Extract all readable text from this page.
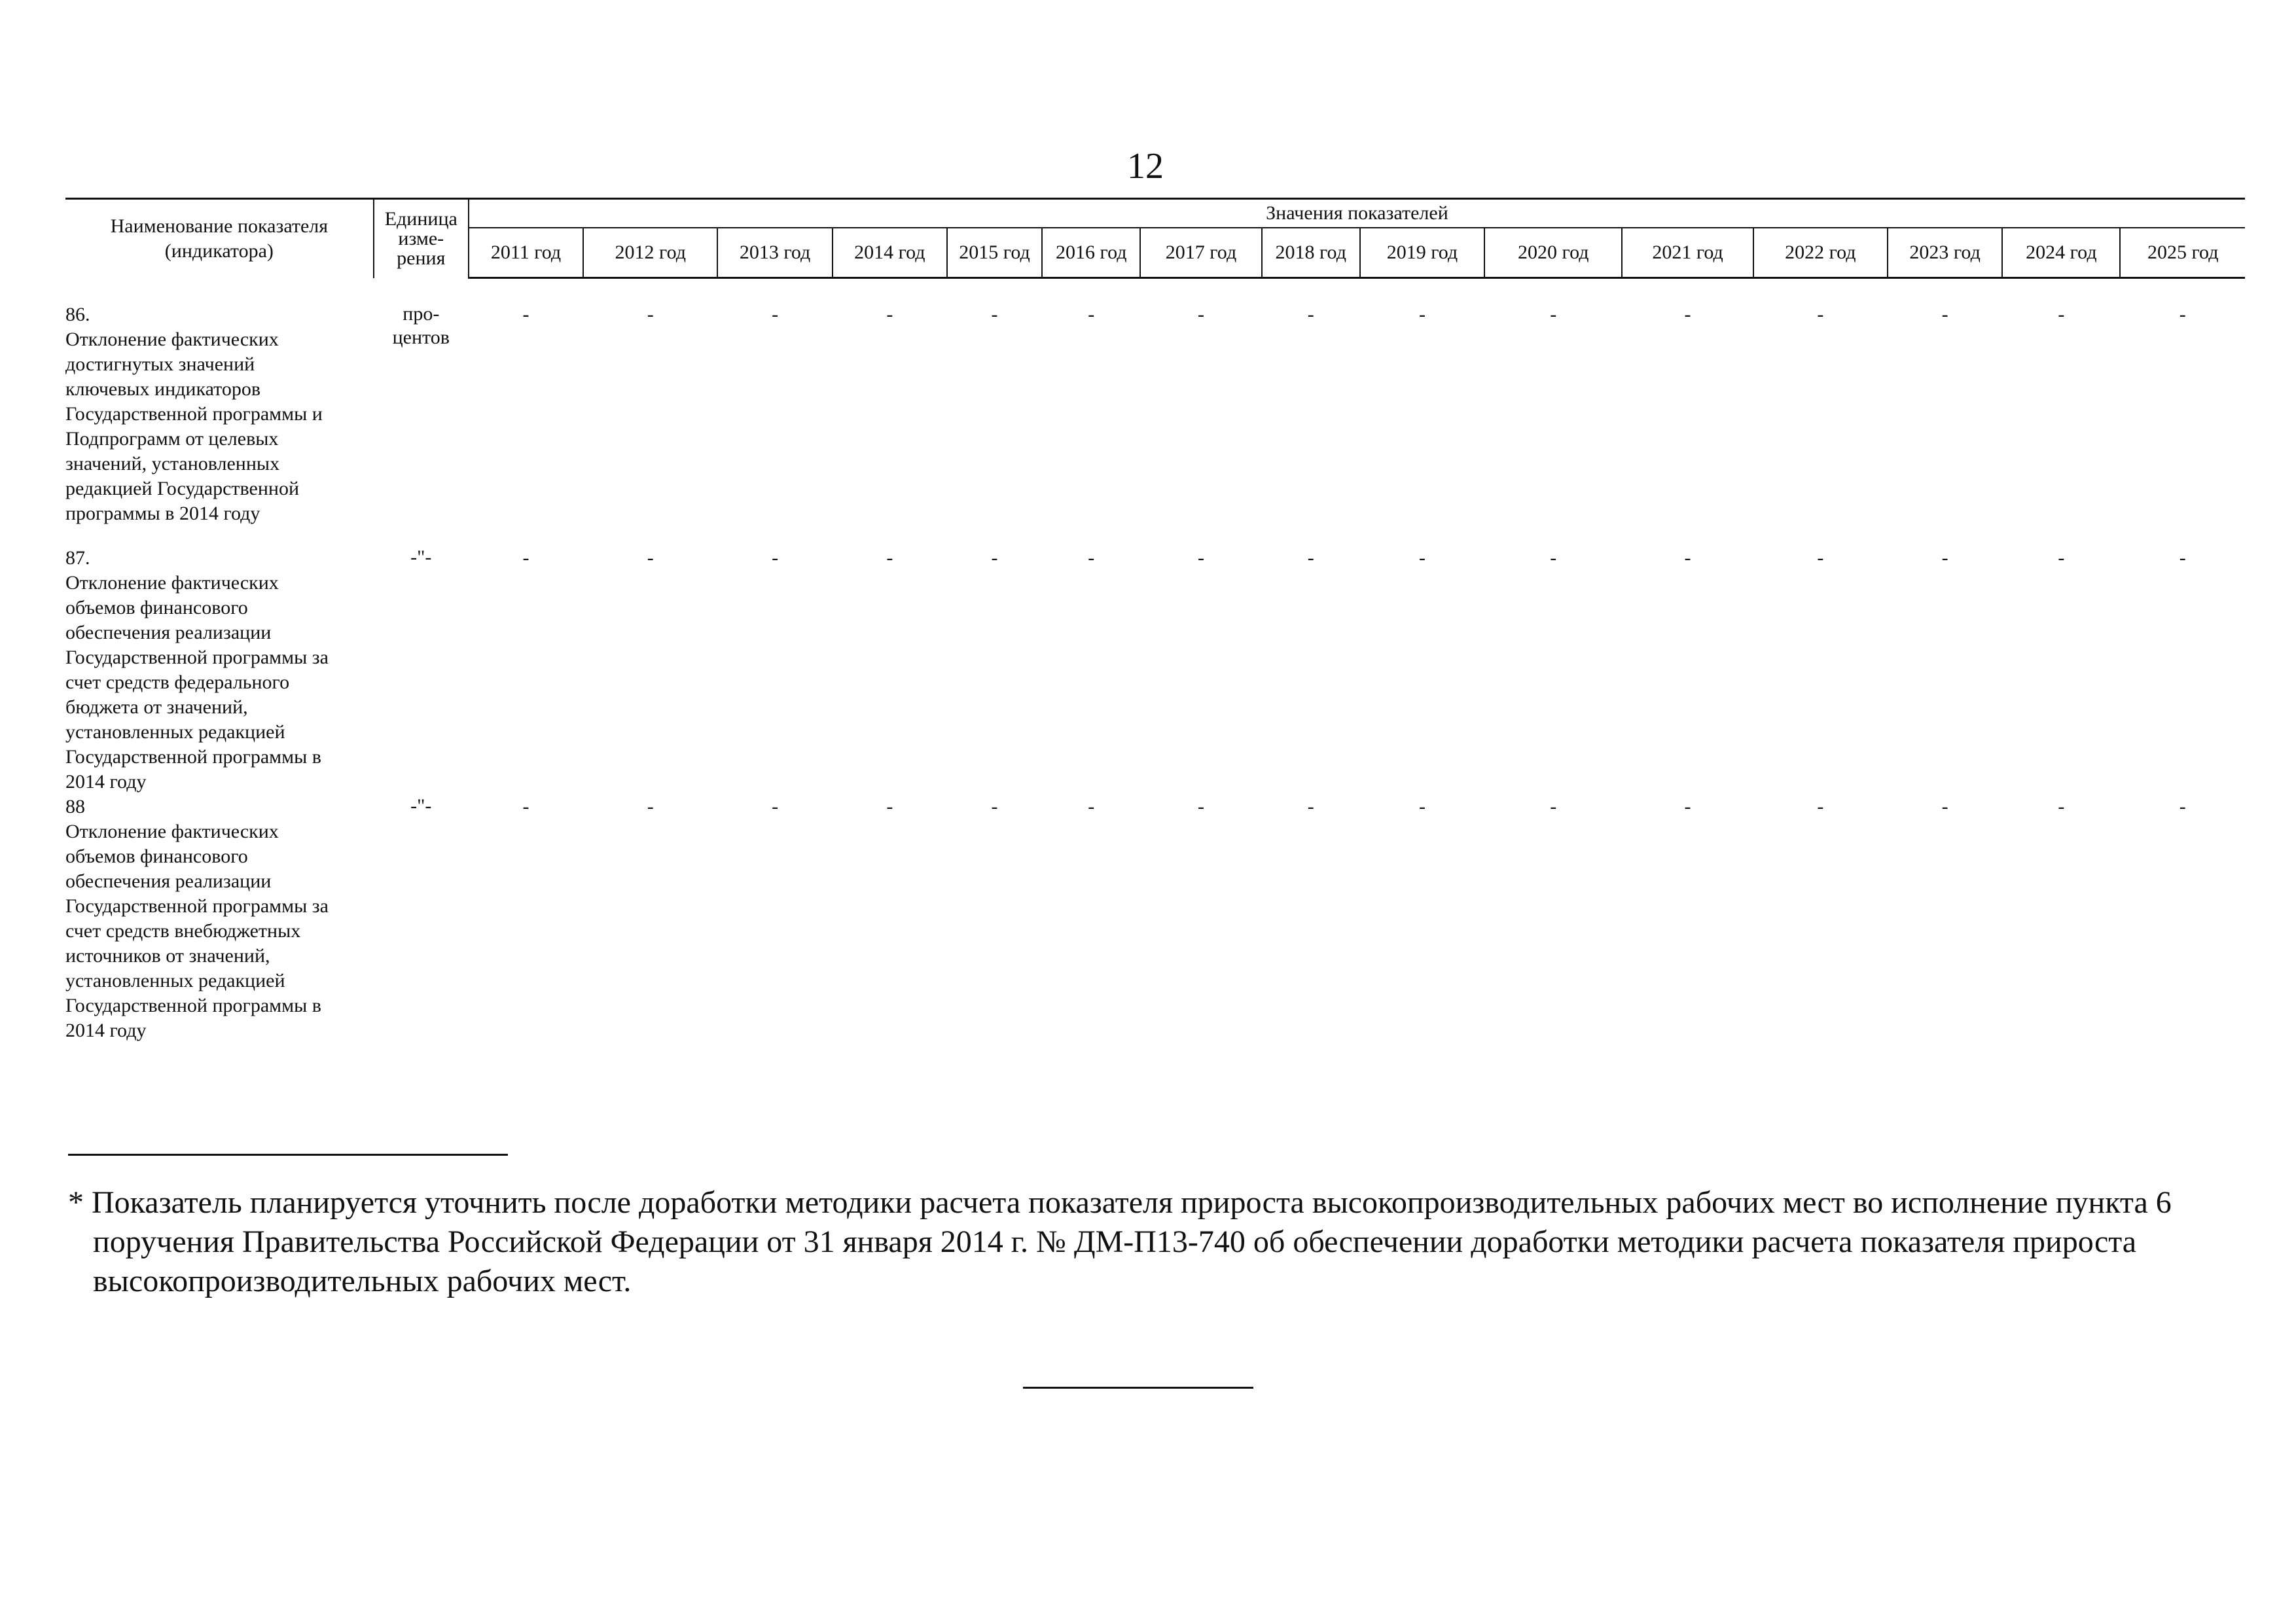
12
Наименование показателя (индикатора)	Единица изме- рения	Значения показателей														
		2011 год	2012 год	2013 год	2014 год	2015 год	2016 год	2017 год	2018 год	2019 год	2020 год	2021 год	2022 год	2023 год	2024 год	2025 год

86.Отклонение фактических достигнутых значений ключевых индикаторов Государственной программы и Подпрограмм от целевых значений, установленных редакцией Государственной программы в 2014 году	про- центов	-	-	-	-	-	-	-	-	-	-	-	-	-	-	-
87.Отклонение фактических объемов финансового обеспечения реализации Государственной программы за счет средств федерального бюджета от значений, установленных редакцией Государственной программы в 2014 году	-"-	-	-	-	-	-	-	-	-	-	-	-	-	-	-	-
88Отклонение фактических объемов финансового обеспечения реализации Государственной программы за счет средств внебюджетных источников от значений, установленных редакцией Государственной программы в 2014 году	-"-	-	-	-	-	-	-	-	-	-	-	-	-	-	-	-
* Показатель планируется уточнить после доработки методики расчета показателя прироста высокопроизводительных рабочих мест во исполнение пункта 6 поручения Правительства Российской Федерации от 31 января 2014 г. № ДМ-П13-740 об обеспечении доработки методики расчета показателя прироста высокопроизводительных рабочих мест.
